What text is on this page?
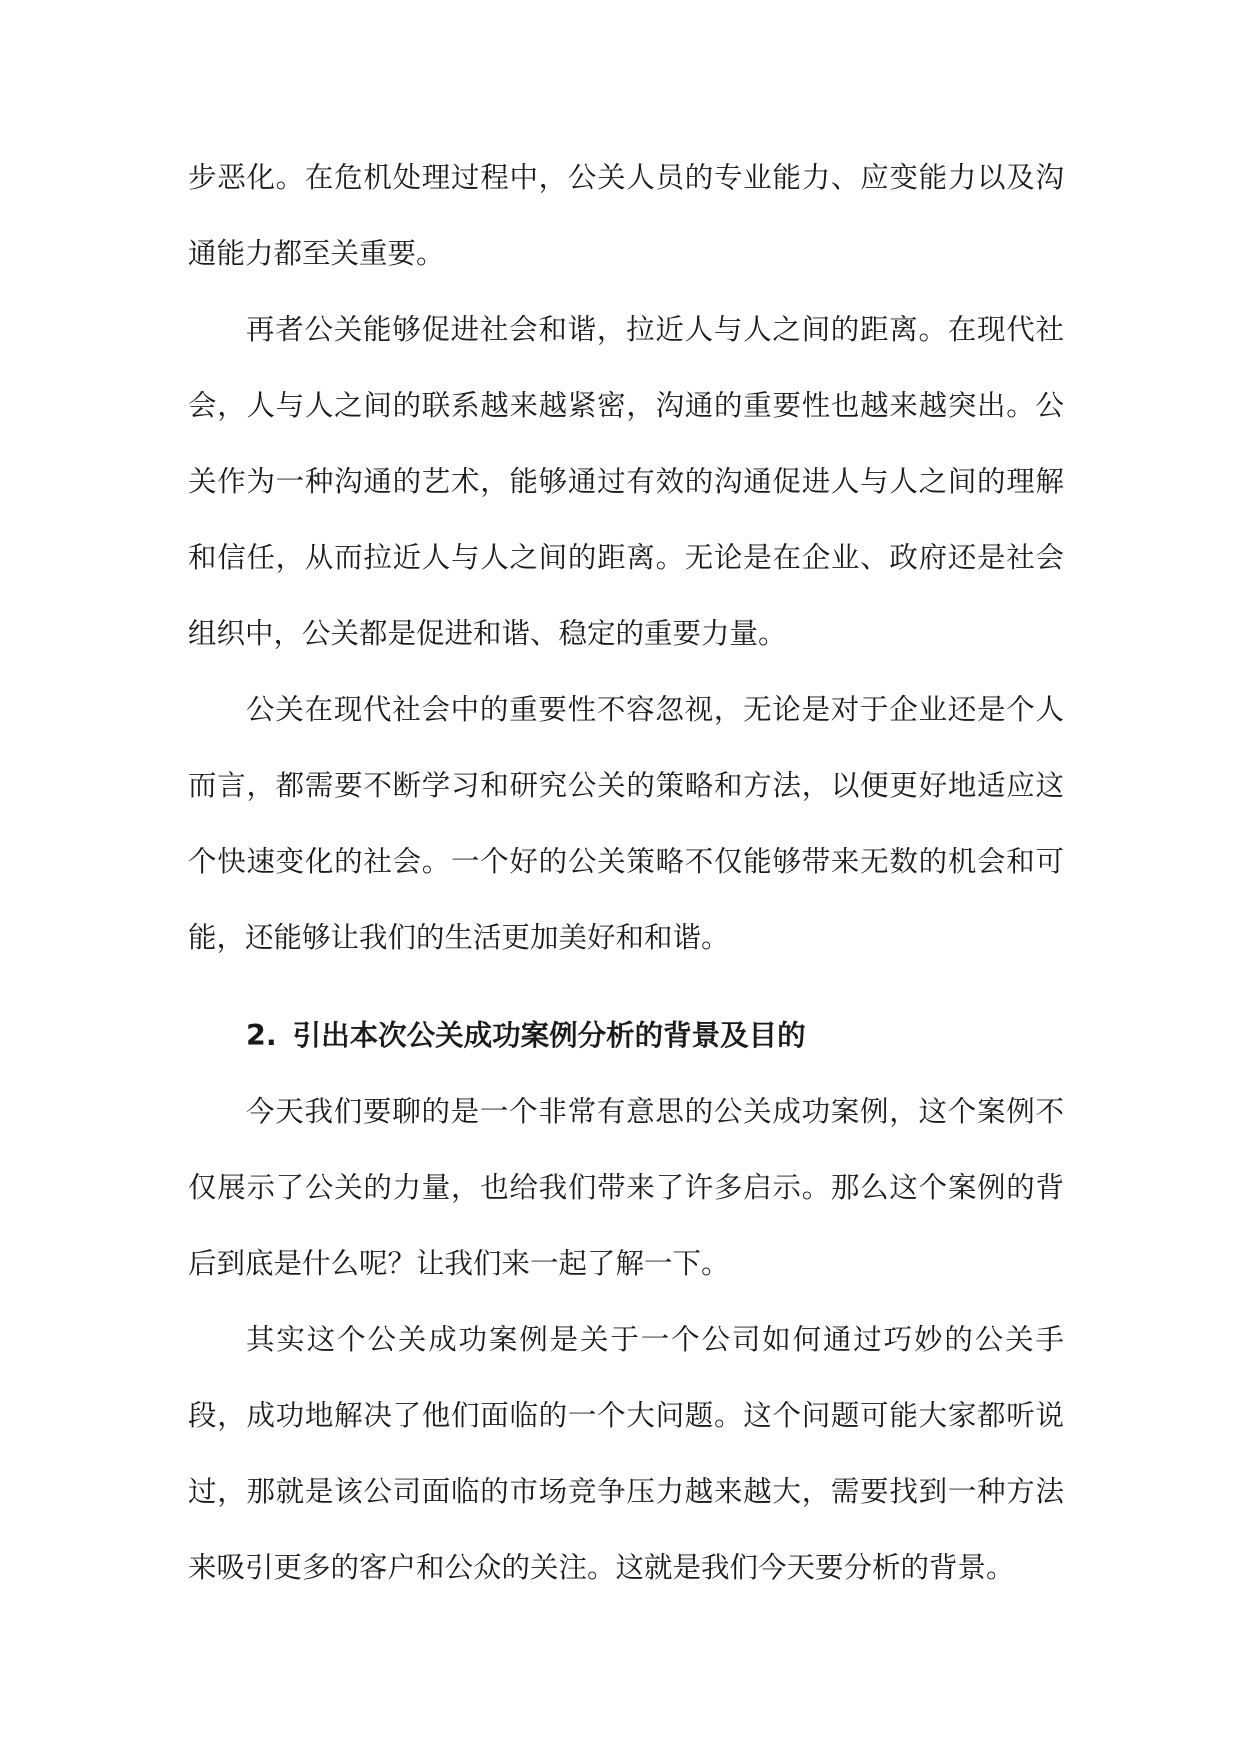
步恶化。在危机处理过程中，公关人员的专业能力、应变能力以及沟通能力都至关重要。

再者公关能够促进社会和谐，拉近人与人之间的距离。在现代社会，人与人之间的联系越来越紧密，沟通的重要性也越来越突出。公关作为一种沟通的艺术，能够通过有效的沟通促进人与人之间的理解和信任，从而拉近人与人之间的距离。无论是在企业、政府还是社会组织中，公关都是促进和谐、稳定的重要力量。

公关在现代社会中的重要性不容忽视，无论是对于企业还是个人而言，都需要不断学习和研究公关的策略和方法，以便更好地适应这个快速变化的社会。一个好的公关策略不仅能够带来无数的机会和可能，还能够让我们的生活更加美好和和谐。

2. 引出本次公关成功案例分析的背景及目的

今天我们要聊的是一个非常有意思的公关成功案例，这个案例不仅展示了公关的力量，也给我们带来了许多启示。那么这个案例的背后到底是什么呢？让我们来一起了解一下。

其实这个公关成功案例是关于一个公司如何通过巧妙的公关手段，成功地解决了他们面临的一个大问题。这个问题可能大家都听说过，那就是该公司面临的市场竞争压力越来越大，需要找到一种方法来吸引更多的客户和公众的关注。这就是我们今天要分析的背景。
